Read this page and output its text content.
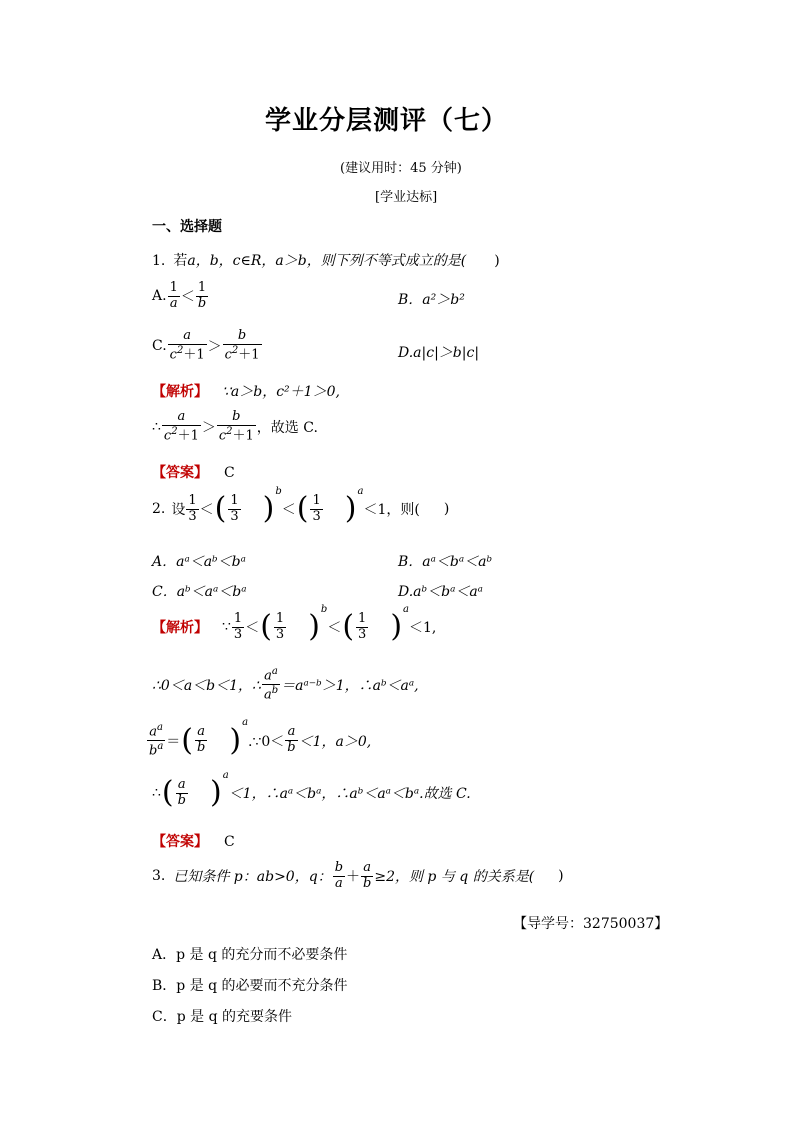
学业分层测评（七）
(建议用时：45 分钟)
[学业达标]
一、选择题
1. 若a，b，c∈R，a＞b，则下列不等式成立的是( )
A. $\frac{1}{a} < \frac{1}{b}$	B．a²＞b²
C. $\frac{a}{c^2+1} > \frac{b}{c^2+1}$	D.a|c|＞b|c|
【解析】 ∵a＞b，c²＋1＞0,
∴ $\frac{a}{c^2+1} > \frac{b}{c^2+1}$ ，故选 C.
【答案】 C
2. 设 $\frac{1}{3}$ ＜( $\frac{1}{3} )^b<( \frac{1}{3} )^a<1$，则( )
A．aᵃ＜aᵇ＜bᵃ	B．aᵃ＜bᵃ＜aᵇ
C．aᵇ＜aᵃ＜bᵃ	D.aᵇ＜bᵃ＜aᵃ
【解析】 ∵ $\frac{1}{3}$ ＜( $\frac{1}{3} )^b<( \frac{1}{3} )^a<1$,
∴0＜a＜b＜1，∴ $\frac{a^a}{a^b}$ ＝aᵃ⁻ᵇ＞1，∴aᵇ＜aᵃ,
$\frac{a^a}{b^a}$ ＝( $\frac{a}{b}$ )$^a$.∵0＜ $\frac{a}{b} <1$，a＞0,
∴( $\frac{a}{b} )^a<1$，∴aᵃ＜bᵃ，∴aᵇ＜aᵃ＜bᵃ.故选 C.
【答案】 C
3. 已知条件 p：ab>0，q： $\frac{b}{a} + \frac{a}{b} \ge 2$，则 p 与 q 的关系是( )
【导学号：32750037】
A．p 是 q 的充分而不必要条件
B．p 是 q 的必要而不充分条件
C．p 是 q 的充要条件
